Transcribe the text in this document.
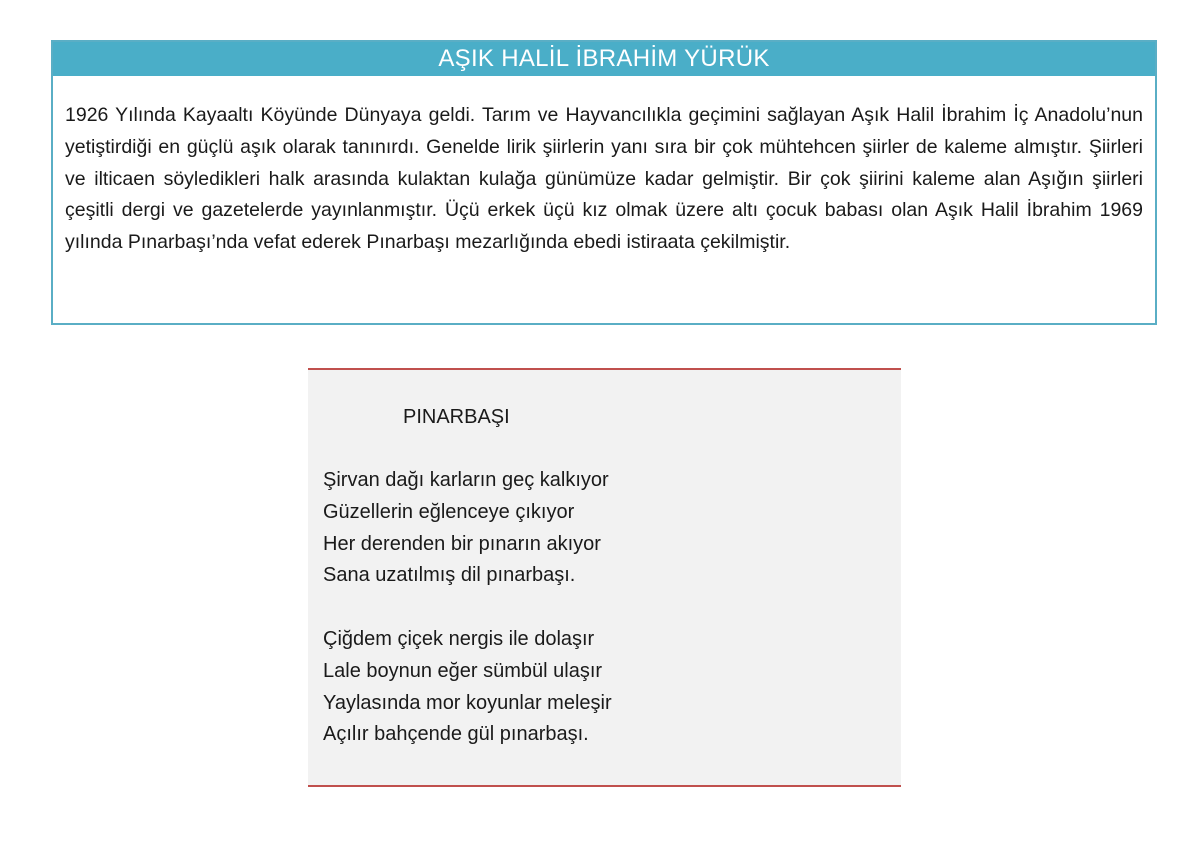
AŞIK HALİL İBRAHİM YÜRÜK

1926 Yılında Kayaaltı Köyünde Dünyaya geldi. Tarım ve Hayvancılıkla geçimini sağlayan Aşık Halil İbrahim İç Anadolu’nun yetiştirdiği en güçlü aşık olarak tanınırdı. Genelde lirik şiirlerin yanı sıra bir çok mühtehcen şiirler de kaleme almıştır. Şiirleri ve ilticaen söyledikleri halk arasında kulaktan kulağa günümüze kadar gelmiştir. Bir çok şiirini kaleme alan Aşığın şiirleri çeşitli dergi ve gazetelerde yayınlanmıştır. Üçü erkek üçü kız olmak üzere altı çocuk babası olan Aşık Halil İbrahim 1969 yılında Pınarbaşı’nda vefat ederek Pınarbaşı mezarlığında ebedi istiraata çekilmiştir.

PINARBAŞI
Şirvan dağı karların geç kalkıyor
Güzellerin eğlenceye çıkıyor
Her derenden bir pınarın akıyor
Sana uzatılmış dil pınarbaşı.
Çiğdem çiçek nergis ile dolaşır
Lale boynun eğer sümbül ulaşır
Yaylasında mor koyunlar meleşir
Açılır bahçende gül pınarbaşı.
